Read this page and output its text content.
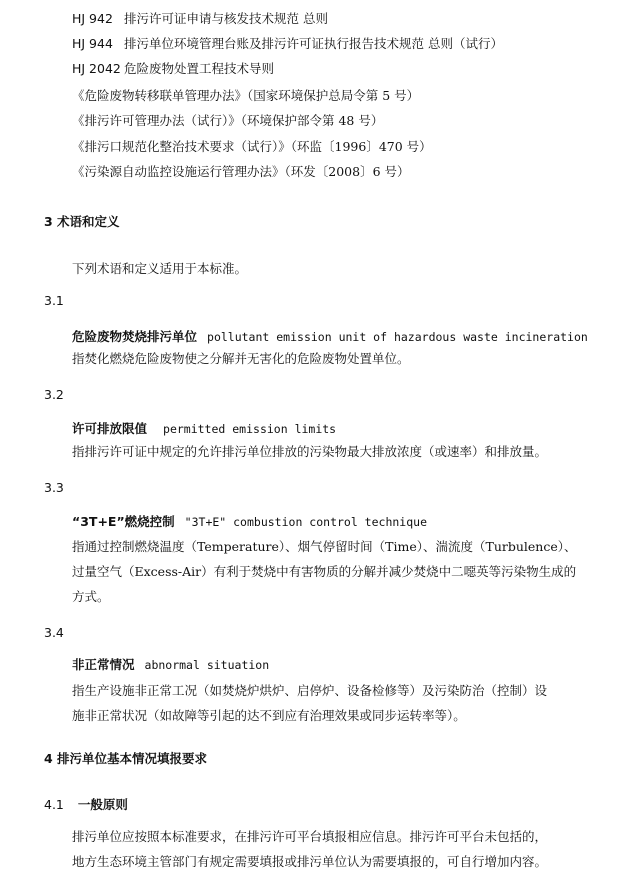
HJ 942 排污许可证申请与核发技术规范 总则
HJ 944 排污单位环境管理台账及排污许可证执行报告技术规范 总则（试行）
HJ 2042 危险废物处置工程技术导则
《危险废物转移联单管理办法》（国家环境保护总局令第 5 号）
《排污许可管理办法（试行）》（环境保护部令第 48 号）
《排污口规范化整治技术要求（试行）》（环监〔1996〕470 号）
《污染源自动监控设施运行管理办法》（环发〔2008〕6 号）
3 术语和定义
下列术语和定义适用于本标准。
3.1
危险废物焚烧排污单位 pollutant emission unit of hazardous waste incineration
指焚化燃烧危险废物使之分解并无害化的危险废物处置单位。
3.2
许可排放限值 permitted emission limits
指排污许可证中规定的允许排污单位排放的污染物最大排放浓度（或速率）和排放量。
3.3
“3T+E”燃烧控制 "3T+E" combustion control technique
指通过控制燃烧温度（Temperature）、烟气停留时间（Time）、湍流度（Turbulence）、
过量空气（Excess-Air）有利于焚烧中有害物质的分解并减少焚烧中二噁英等污染物生成的
方式。
3.4
非正常情况 abnormal situation
指生产设施非正常工况（如焚烧炉烘炉、启停炉、设备检修等）及污染防治（控制）设
施非正常状况（如故障等引起的达不到应有治理效果或同步运转率等）。
4 排污单位基本情况填报要求
4.1 一般原则
排污单位应按照本标准要求，在排污许可平台填报相应信息。排污许可平台未包括的，
地方生态环境主管部门有规定需要填报或排污单位认为需要填报的，可自行增加内容。
